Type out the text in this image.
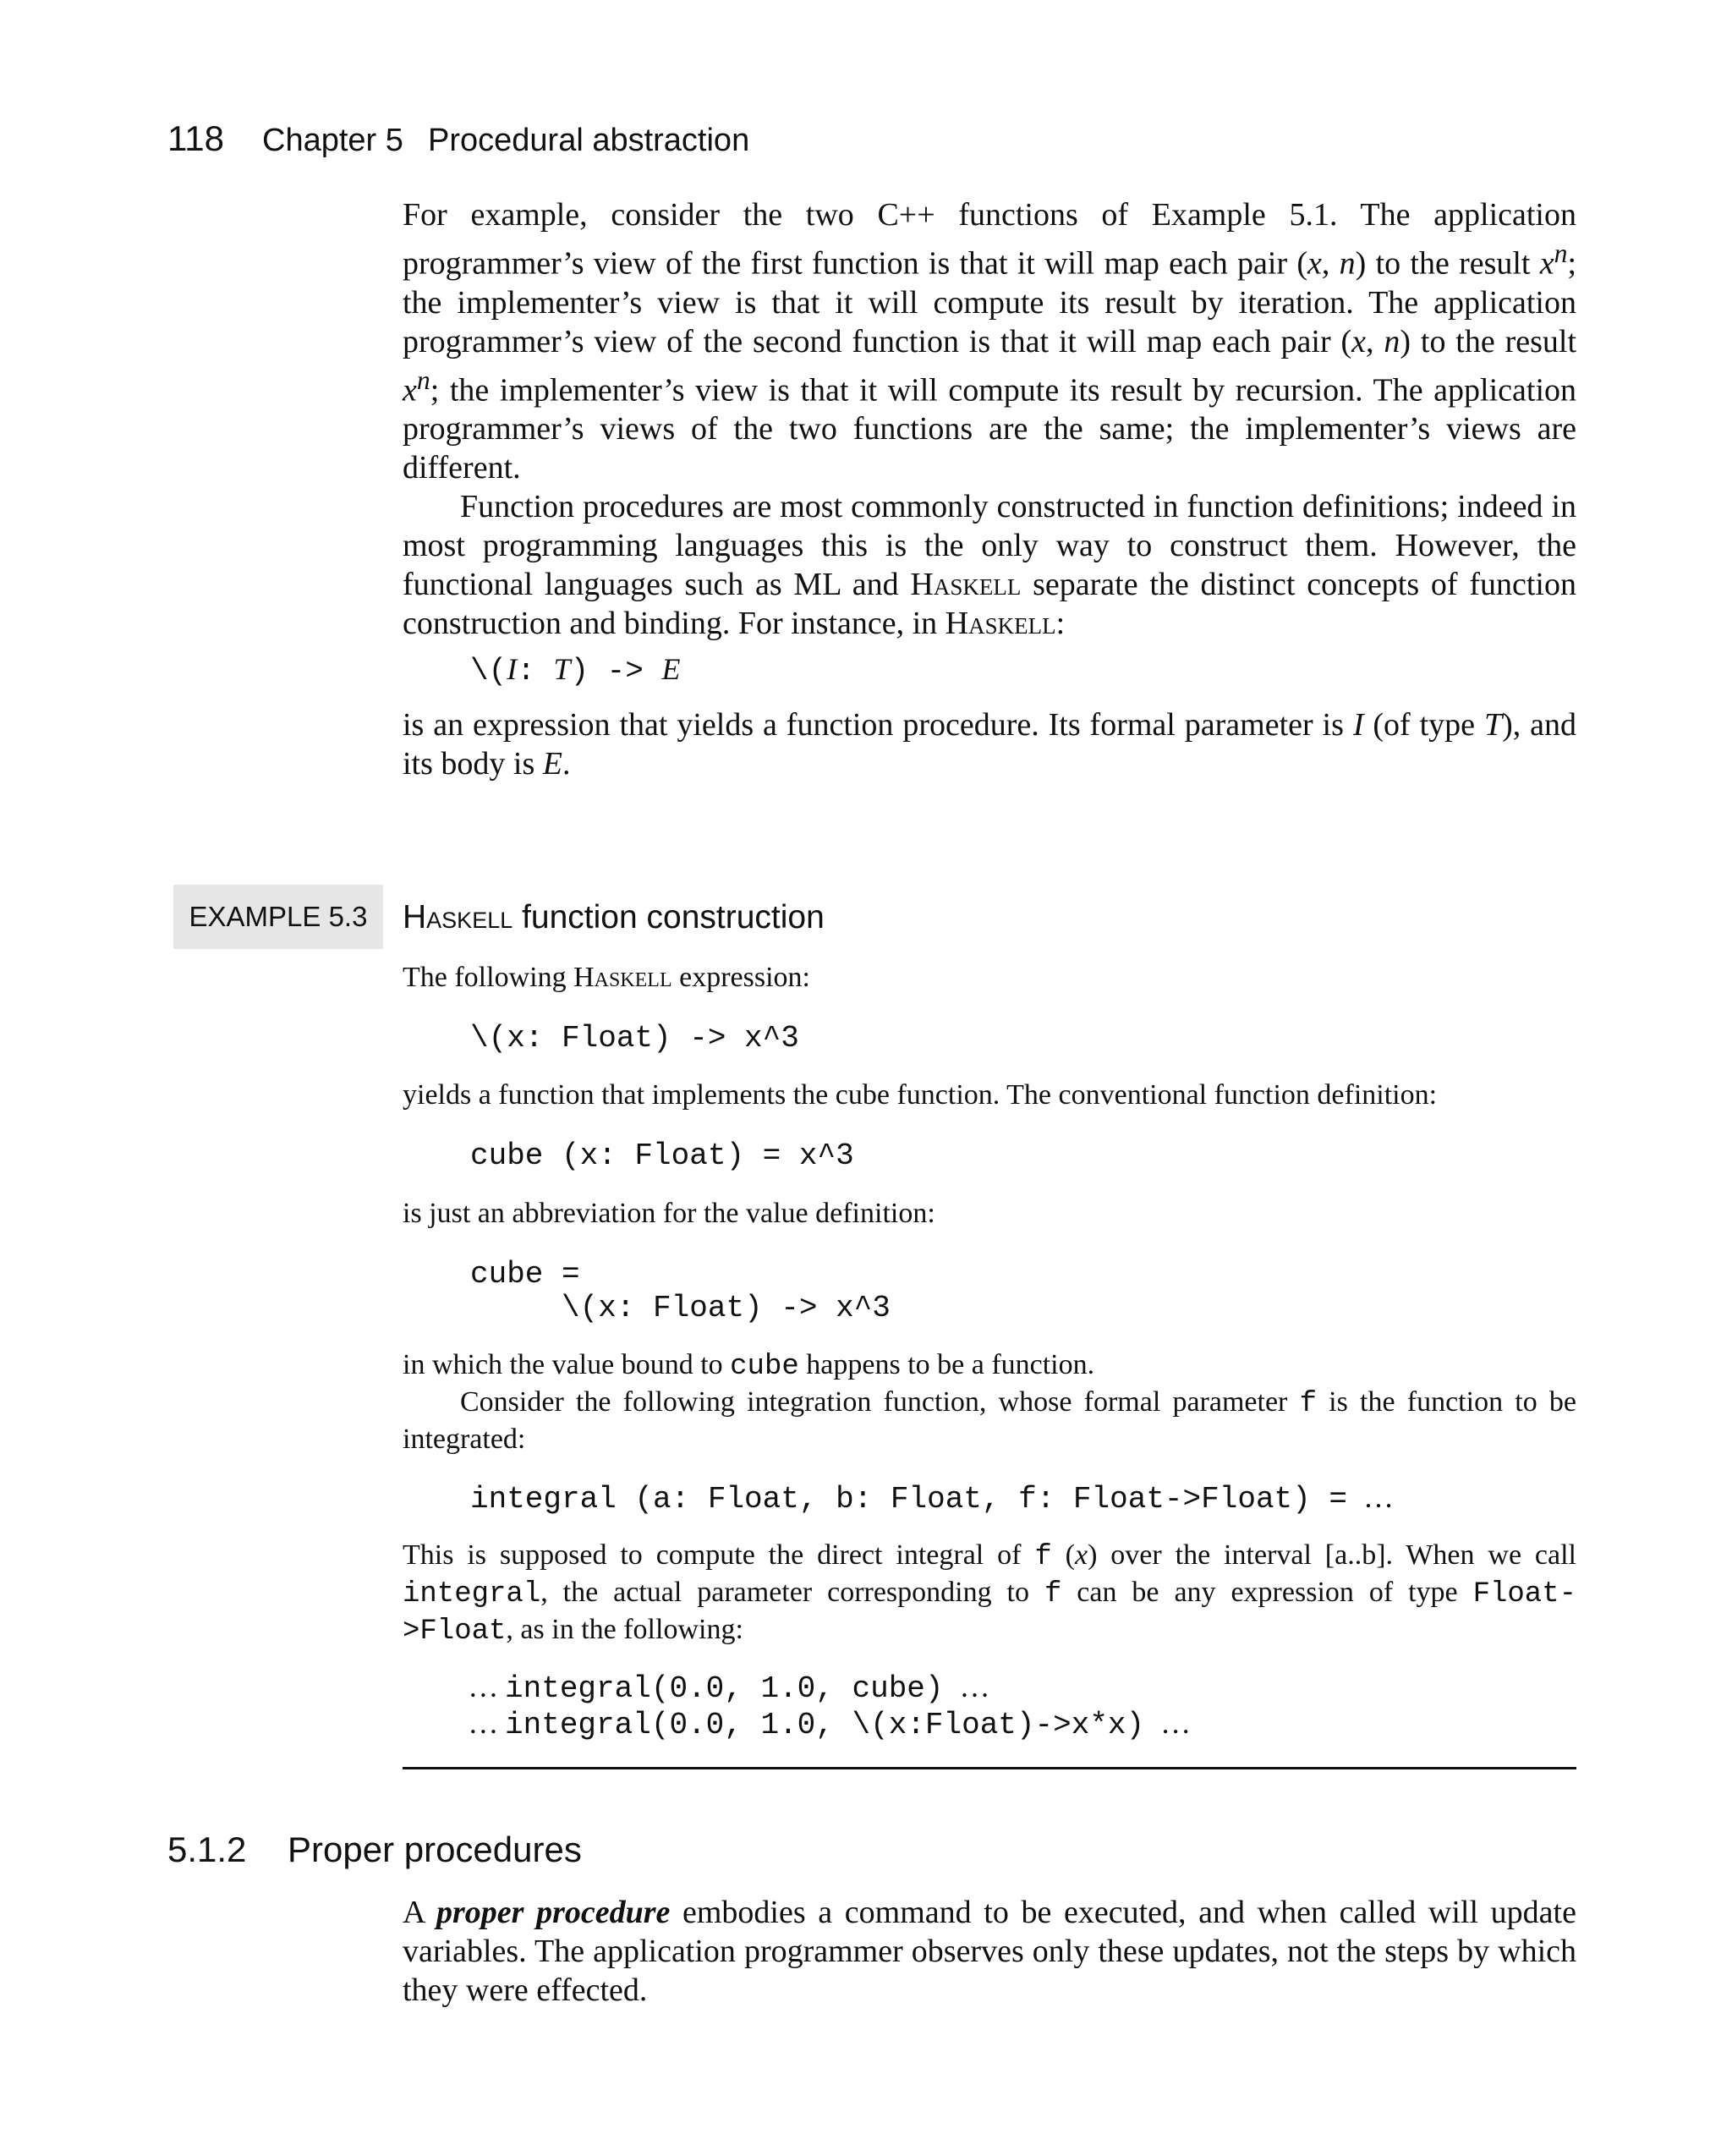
118 Chapter 5 Procedural abstraction

For example, consider the two C++ functions of Example 5.1. The application programmer’s view of the first function is that it will map each pair (x, n) to the result $x^n$; the implementer’s view is that it will compute its result by iteration. The application programmer’s view of the second function is that it will map each pair (x, n) to the result $x^n$; the implementer’s view is that it will compute its result by recursion. The application programmer’s views of the two functions are the same; the implementer’s views are different.

Function procedures are most commonly constructed in function definitions; indeed in most programming languages this is the only way to construct them. However, the functional languages such as ML and Haskell separate the distinct concepts of function construction and binding. For instance, in Haskell:

\(I: T) -> E

is an expression that yields a function procedure. Its formal parameter is I (of type T), and its body is E.

EXAMPLE 5.3 Haskell function construction

The following Haskell expression:

\(x: Float) -> x^3

yields a function that implements the cube function. The conventional function definition:

cube (x: Float) = x^3

is just an abbreviation for the value definition:

cube =
\(x: Float) -> x^3

in which the value bound to cube happens to be a function.

Consider the following integration function, whose formal parameter f is the function to be integrated:

integral (a: Float, b: Float, f: Float->Float) = …

This is supposed to compute the direct integral of f (x) over the interval [a..b]. When we call integral, the actual parameter corresponding to f can be any expression of type Float->Float, as in the following:

… integral(0.0, 1.0, cube) …
… integral(0.0, 1.0, \(x:Float)->x*x) …
5.1.2 Proper procedures

A proper procedure embodies a command to be executed, and when called will update variables. The application programmer observes only these updates, not the steps by which they were effected.
